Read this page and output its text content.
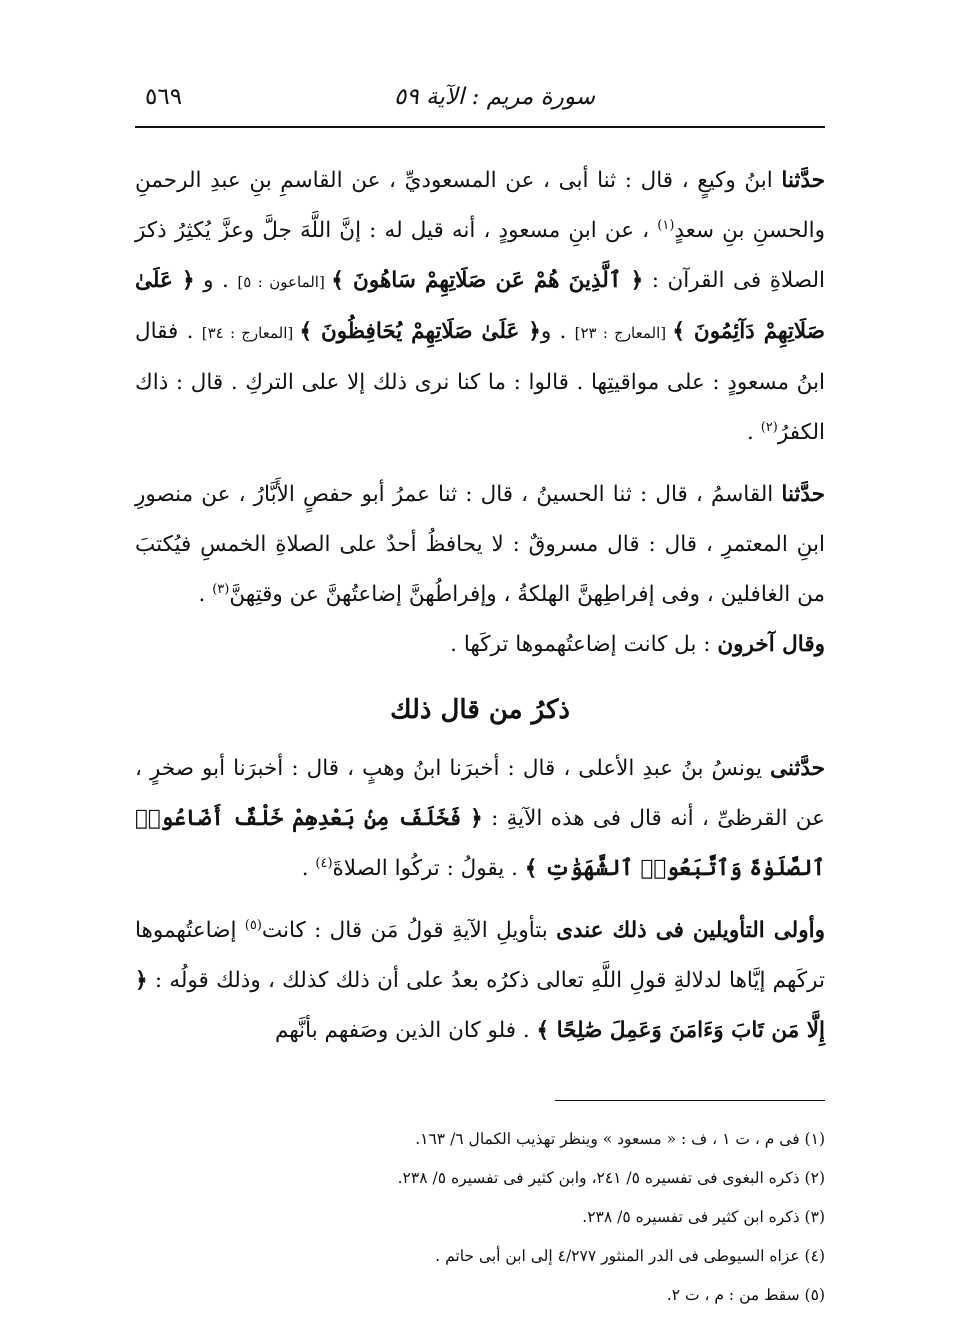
سورة مريم : الآية ٥٩
٥٦٩

حدَّثنا ابنُ وكيعٍ ، قال : ثنا أبى ، عن المسعوديِّ ، عن القاسمِ بنِ عبدِ الرحمنِ والحسنِ بنِ سعدٍ$^{(١)}$ ، عن ابنِ مسعودٍ ، أنه قيل له : إنَّ اللَّهَ جلَّ وعزَّ يُكثِرُ ذكرَ الصلاةِ فى القرآن : ﴿ ٱلَّذِينَ هُمْ عَن صَلَاتِهِمْ سَاهُونَ ﴾ [الماعون : ٥] . و ﴿ عَلَىٰ صَلَاتِهِمْ دَآئِمُونَ ﴾ [المعارج : ٢٣] . و﴿ عَلَىٰ صَلَاتِهِمْ يُحَافِظُونَ ﴾ [المعارج : ٣٤] . فقال ابنُ مسعودٍ : على مواقيتِها . قالوا : ما كنا نرى ذلك إلا على التركِ . قال : ذاك الكفرُ$^{(٢)}$ .

حدَّثنا القاسمُ ، قال : ثنا الحسينُ ، قال : ثنا عمرُ أبو حفصٍ الأَبَّارُ ، عن منصورِ ابنِ المعتمرِ ، قال : قال مسروقٌ : لا يحافظُ أحدٌ على الصلاةِ الخمسِ فيُكتبَ من الغافلين ، وفى إفراطِهنَّ الهلكةُ ، وإفراطُهنَّ إضاعتُهنَّ عن وقتِهنَّ$^{(٣)}$ .

وقال آخرون : بل كانت إضاعتُهموها تركَها .

ذكرُ من قال ذلك

حدَّثنى يونسُ بنُ عبدِ الأعلى ، قال : أخبرَنا ابنُ وهبٍ ، قال : أخبرَنا أبو صخرٍ ، عن القرظىِّ ، أنه قال فى هذه الآيةِ : ﴿ فَخَلَفَ مِنۢ بَعْدِهِمْ خَلْفٌ أَضَاعُوا۟ ٱلصَّلَوٰةَ وَٱتَّبَعُوا۟ ٱلشَّهَوَٰتِ ﴾ . يقولُ : تركُوا الصلاةَ$^{(٤)}$ .

وأولى التأويلين فى ذلك عندى بتأويلِ الآيةِ قولُ مَن قال : كانت$^{(٥)}$ إضاعتُهموها تركَهم إيَّاها لدلالةِ قولِ اللَّهِ تعالى ذكرُه بعدُ على أن ذلك كذلك ، وذلك قولُه : ﴿ إِلَّا مَن تَابَ وَءَامَنَ وَعَمِلَ صَٰلِحًا ﴾ . فلو كان الذين وصَفهم بأنَّهم

(١) فى م ، ت ١ ، ف : « مسعود » وينظر تهذيب الكمال ٦/ ١٦٣.

(٢) ذكره البغوى فى تفسيره ٥/ ٢٤١، وابن كثير فى تفسيره ٥/ ٢٣٨.

(٣) ذكره ابن كثير فى تفسيره ٥/ ٢٣٨.

(٤) عزاه السيوطى فى الدر المنثور ٤/٢٧٧ إلى ابن أبى حاتم .

(٥) سقط من : م ، ت ٢.
